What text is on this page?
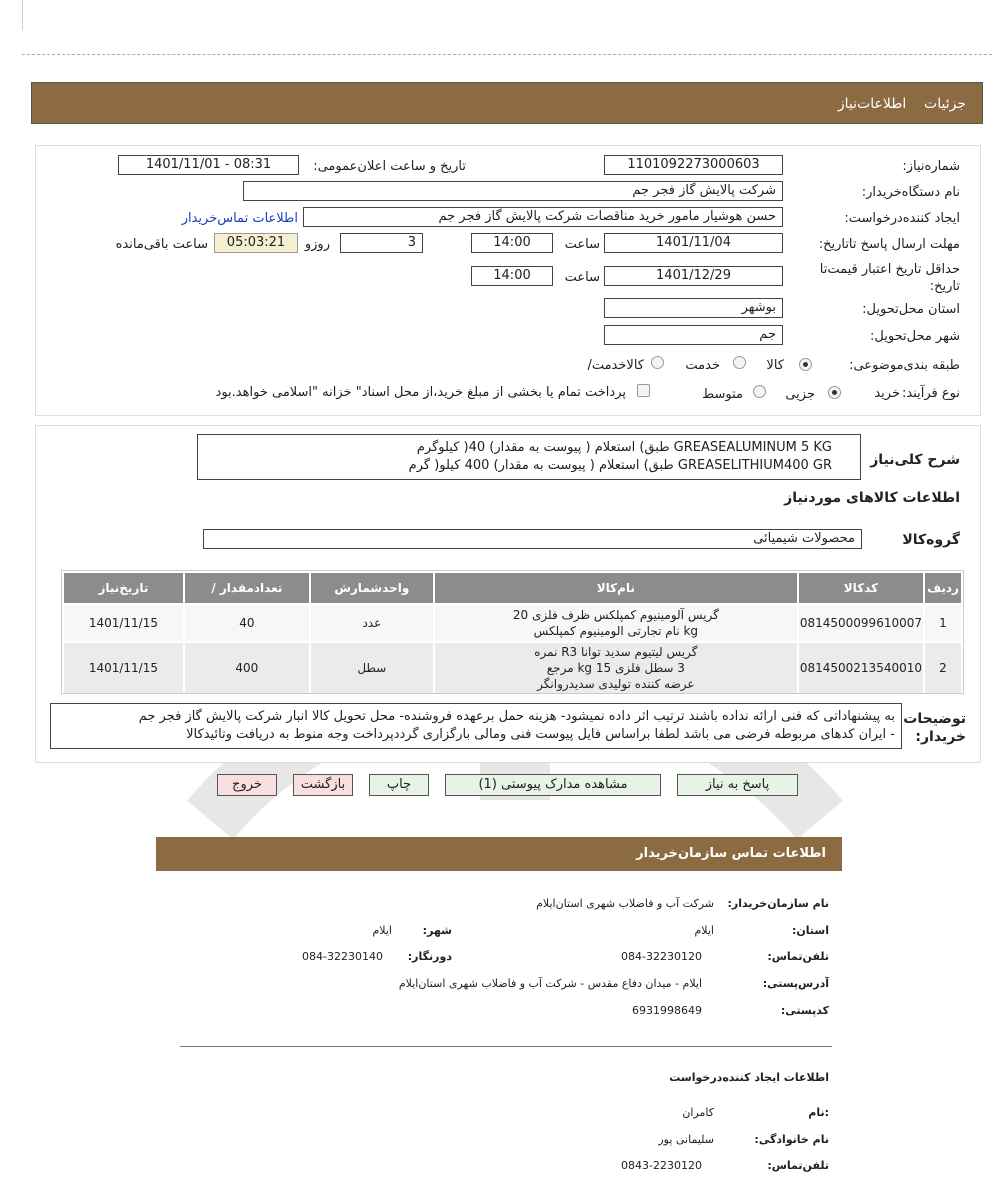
جزئیات    اطلاعات‌نیاز
شماره‌نیاز:
1101092273000603
تاریخ و ساعت اعلان‌عمومی:
1401/11/01 - 08:31
نام دستگاه‌خریدار:
شرکت پالایش گاز فجر جم
ایجاد کننده‌درخواست:
حسن هوشیار مامور خرید مناقصات شرکت پالایش گاز فجر جم
اطلاعات تماس‌خریدار
مهلت ارسال پاسخ تا‌تاریخ:
1401/11/04
ساعت
14:00
3
روزو
05:03:21
ساعت باقی‌مانده
حداقل تاریخ اعتبار قیمت‌تا
تاریخ:
1401/12/29
ساعت
14:00
استان محل‌تحویل:
بوشهر
شهر محل‌تحویل:
جم
طبقه بندی‌موضوعی:
کالا
خدمت
کالا‌خدمت/
نوع فرآیند:
خرید
جزیی
متوسط
پرداخت تمام یا بخشی از مبلغ خرید،از محل اسناد" خزانه "اسلامی خواهد.بود
شرح کلی‌نیاز
GREASEALUMINUM 5 KG طبق) استعلام ( پیوست به مقدار) 40( کیلوگرم
GREASELITHIUM400 GR طبق) استعلام ( پیوست به مقدار) 400 کیلو( گرم
اطلاعات کالاهای موردنیاز
گروه‌کالا
محصولات شیمیائی
ردیف	کدکالا	نام‌کالا	واحدشمارش	تعداد‌مقدار /	تاریخ‌نیاز
1	0814500099610007	گریس آلومینیوم کمپلکس ظرف فلزی 20
kg نام تجارتی الومینیوم کمپلکس	عدد	40	1401/11/15
2	0814500213540010	گریس لیتیوم سدید توانا R3 نمره
3 سطل فلزی 15 kg مرجع
عرضه کننده تولیدی سدیدروانگر	سطل	400	1401/11/15
توضیحات
خریدار:
به پیشنهاداتی که فنی ارائه نداده باشند ترتیب اثر داده نمیشود- هزینه حمل برعهده فروشنده- محل تحویل کالا انبار شرکت پالایش گاز فجر جم
- ایران کدهای مربوطه فرضی می باشد لطفا براساس فایل پیوست فنی ومالی بارگزاری گرددپرداخت وجه منوط به دریافت وتائیدکالا
پاسخ به نیاز
مشاهده مدارک پیوستی (1)
چاپ
بازگشت
خروج
اطلاعات تماس سازمان‌خریدار
نام سازمان‌خریدار:
شرکت آب و فاضلاب شهری استان‌ایلام
استان:
ایلام
شهر:
ایلام
تلفن‌تماس:
084-32230120
دورنگار:
084-32230140
آدرس‌پستی:
ایلام - میدان دفاع مقدس - شرکت آب و فاضلاب شهری استان‌ایلام
کد‌پستی:
6931998649
اطلاعات ایجاد کننده‌درخواست
:نام
کامران
نام خانوادگی:
سلیمانی پور
تلفن‌تماس:
0843-2230120
